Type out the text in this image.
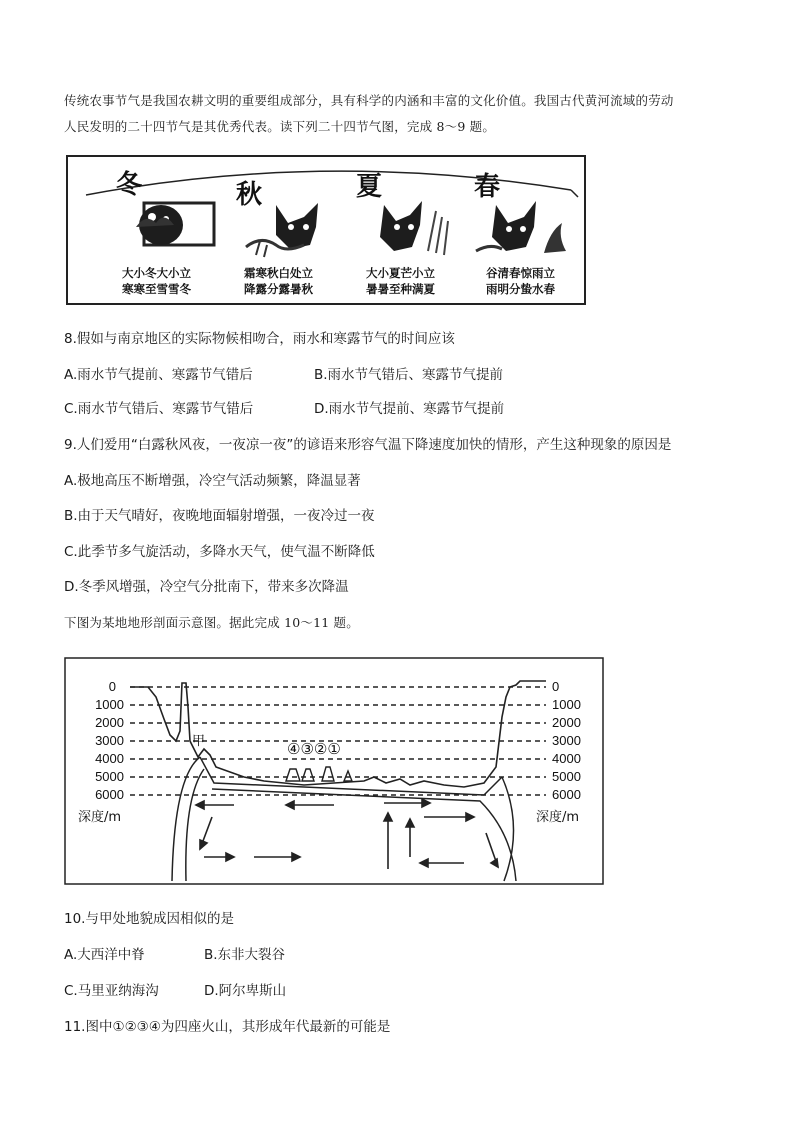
传统农事节气是我国农耕文明的重要组成部分，具有科学的内涵和丰富的文化价值。我国古代黄河流域的劳动
人民发明的二十四节气是其优秀代表。读下列二十四节气图，完成 8～9 题。
冬	秋	夏	春
大小冬大小立
寒寒至雪雪冬
霜寒秋白处立
降露分露暑秋
大小夏芒小立
暑暑至种满夏
谷清春惊雨立
雨明分蛰水春
8.假如与南京地区的实际物候相吻合，雨水和寒露节气的时间应该
A.雨水节气提前、寒露节气错后	B.雨水节气错后、寒露节气提前
C.雨水节气错后、寒露节气错后	D.雨水节气提前、寒露节气提前
9.人们爱用“白露秋风夜，一夜凉一夜”的谚语来形容气温下降速度加快的情形，产生这种现象的原因是
A.极地高压不断增强，冷空气活动频繁，降温显著
B.由于天气晴好，夜晚地面辐射增强，一夜冷过一夜
C.此季节多气旋活动，多降水天气，使气温不断降低
D.冬季风增强，冷空气分批南下，带来多次降温
下图为某地地形剖面示意图。据此完成 10～11 题。
0
1000
2000
3000
4000
5000
6000
0
1000
2000
3000
4000
5000
6000
深度/m	深度/m
④③②①
甲
10.与甲处地貌成因相似的是
A.大西洋中脊	B.东非大裂谷
C.马里亚纳海沟	D.阿尔卑斯山
11.图中①②③④为四座火山，其形成年代最新的可能是
